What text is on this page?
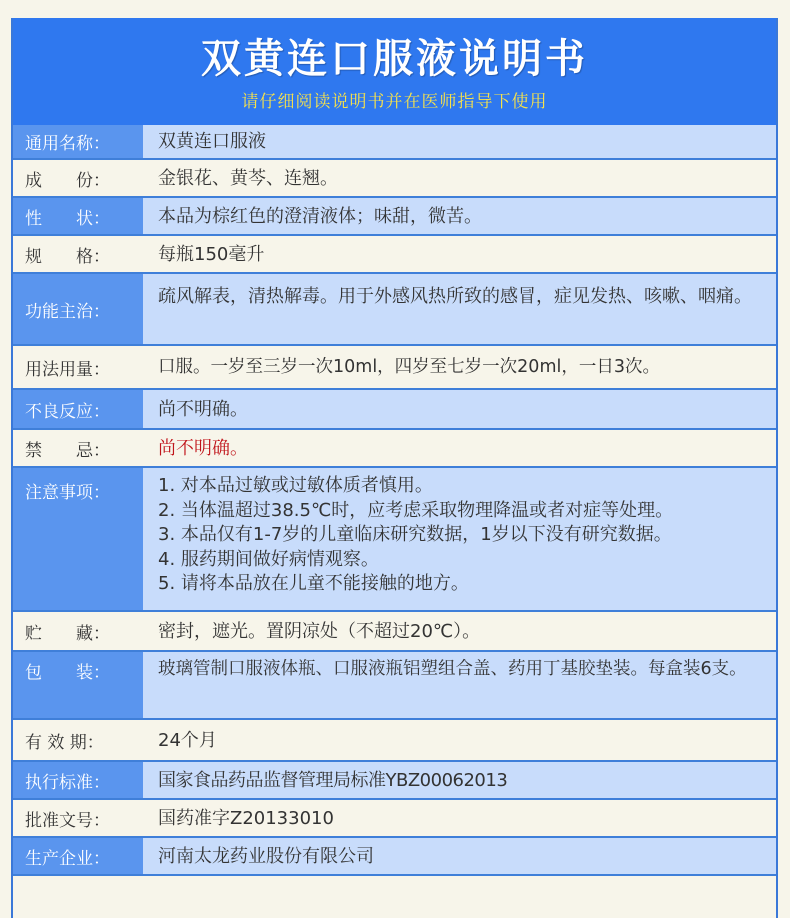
双黄连口服液说明书
请仔细阅读说明书并在医师指导下使用
通用名称：	双黄连口服液
成　　份：	金银花、黄芩、连翘。
性　　状：	本品为棕红色的澄清液体；味甜，微苦。
规　　格：	每瓶150毫升
功能主治：
疏风解表，清热解毒。用于外感风热所致的感冒，症见发热、咳嗽、咽痛。
用法用量：	口服。一岁至三岁一次10ml，四岁至七岁一次20ml，一日3次。
不良反应：	尚不明确。
禁　　忌：	尚不明确。
注意事项：	1. 对本品过敏或过敏体质者慎用。
2. 当体温超过38.5℃时，应考虑采取物理降温或者对症等处理。
3. 本品仅有1-7岁的儿童临床研究数据，1岁以下没有研究数据。
4. 服药期间做好病情观察。
5. 请将本品放在儿童不能接触的地方。
贮　　藏：	密封，遮光。置阴凉处（不超过20℃）。
包　　装：	玻璃管制口服液体瓶、口服液瓶铝塑组合盖、药用丁基胶垫装。每盒装6支。
有 效 期：	24个月
执行标准：	国家食品药品监督管理局标准YBZ00062013
批准文号：	国药准字Z20133010
生产企业：	河南太龙药业股份有限公司
